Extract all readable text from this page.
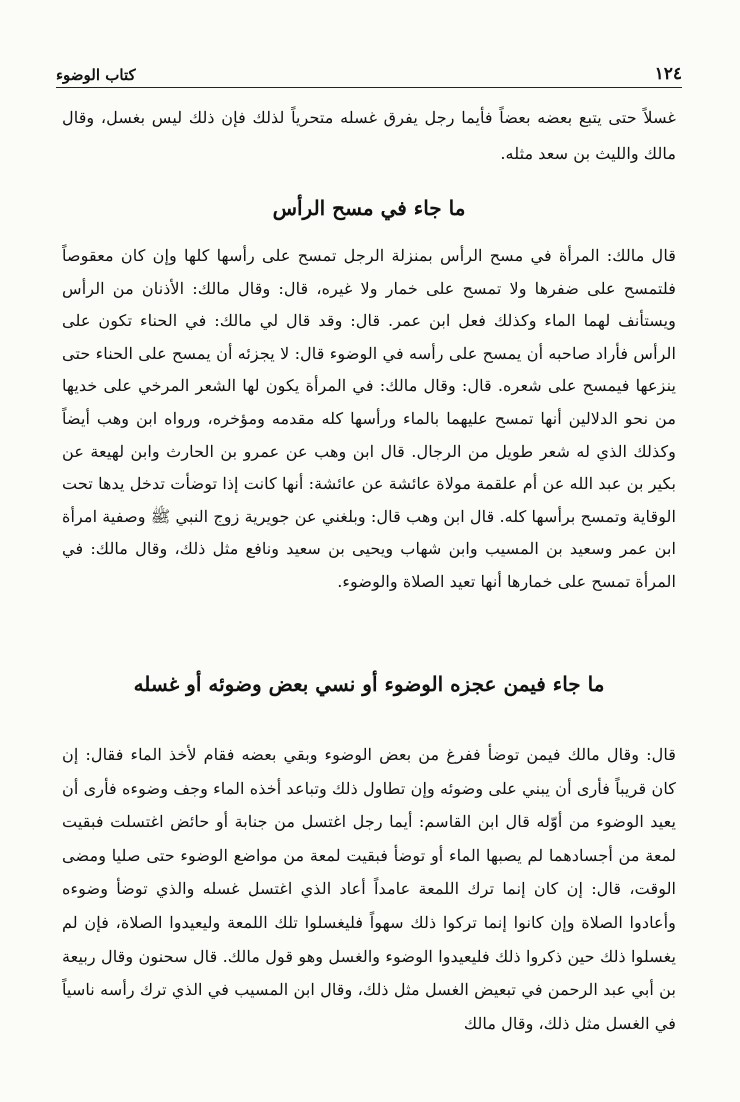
١٢٤
كتاب الوضوء

غسلاً حتى يتبع بعضه بعضاً فأيما رجل يفرق غسله متحرياً لذلك فإن ذلك ليس بغسل، وقال مالك والليث بن سعد مثله.

ما جاء في مسح الرأس

قال مالك: المرأة في مسح الرأس بمنزلة الرجل تمسح على رأسها كلها وإن كان معقوصاً فلتمسح على ضفرها ولا تمسح على خمار ولا غيره، قال: وقال مالك: الأذنان من الرأس ويستأنف لهما الماء وكذلك فعل ابن عمر. قال: وقد قال لي مالك: في الحناء تكون على الرأس فأراد صاحبه أن يمسح على رأسه في الوضوء قال: لا يجزئه أن يمسح على الحناء حتى ينزعها فيمسح على شعره. قال: وقال مالك: في المرأة يكون لها الشعر المرخي على خديها من نحو الدلالين أنها تمسح عليهما بالماء ورأسها كله مقدمه ومؤخره، ورواه ابن وهب أيضاً وكذلك الذي له شعر طويل من الرجال. قال ابن وهب عن عمرو بن الحارث وابن لهيعة عن بكير بن عبد الله عن أم علقمة مولاة عائشة عن عائشة: أنها كانت إذا توضأت تدخل يدها تحت الوقاية وتمسح برأسها كله. قال ابن وهب قال: وبلغني عن جويرية زوج النبي ﷺ وصفية امرأة ابن عمر وسعيد بن المسيب وابن شهاب ويحيى بن سعيد ونافع مثل ذلك، وقال مالك: في المرأة تمسح على خمارها أنها تعيد الصلاة والوضوء.

ما جاء فيمن عجزه الوضوء أو نسي بعض وضوئه أو غسله

قال: وقال مالك فيمن توضأ ففرغ من بعض الوضوء وبقي بعضه فقام لأخذ الماء فقال: إن كان قريباً فأرى أن يبني على وضوئه وإن تطاول ذلك وتباعد أخذه الماء وجف وضوءه فأرى أن يعيد الوضوء من أوّله قال ابن القاسم: أيما رجل اغتسل من جنابة أو حائض اغتسلت فبقيت لمعة من أجسادهما لم يصبها الماء أو توضأ فبقيت لمعة من مواضع الوضوء حتى صليا ومضى الوقت، قال: إن كان إنما ترك اللمعة عامداً أعاد الذي اغتسل غسله والذي توضأ وضوءه وأعادوا الصلاة وإن كانوا إنما تركوا ذلك سهواً فليغسلوا تلك اللمعة وليعيدوا الصلاة، فإن لم يغسلوا ذلك حين ذكروا ذلك فليعيدوا الوضوء والغسل وهو قول مالك. قال سحنون وقال ربيعة بن أبي عبد الرحمن في تبعيض الغسل مثل ذلك، وقال ابن المسيب في الذي ترك رأسه ناسياً في الغسل مثل ذلك، وقال مالك
